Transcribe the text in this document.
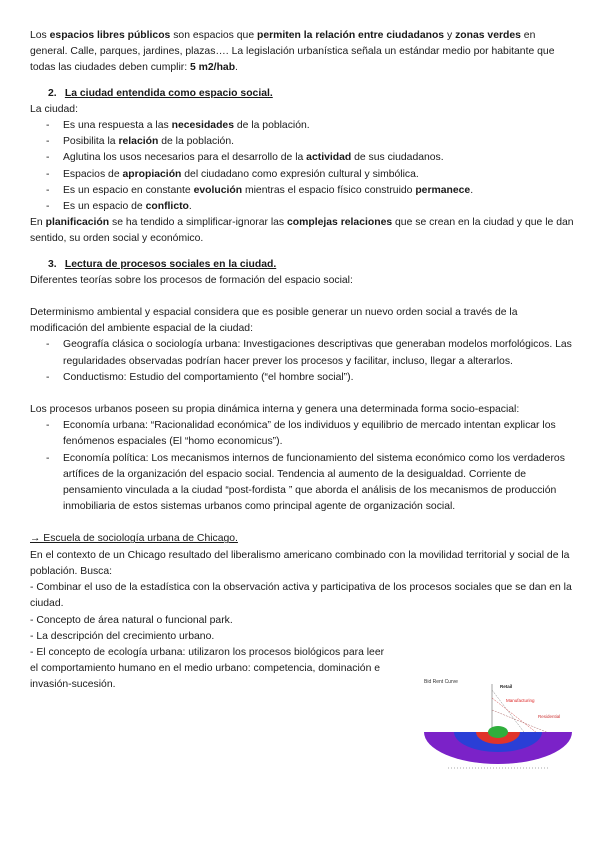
Los espacios libres públicos son espacios que permiten la relación entre ciudadanos y zonas verdes en general. Calle, parques, jardines, plazas…. La legislación urbanística señala un estándar medio por habitante que todas las ciudades deben cumplir: 5 m2/hab.

2. La ciudad entendida como espacio social.

La ciudad:

- Es una respuesta a las necesidades de la población.
- Posibilita la relación de la población.
- Aglutina los usos necesarios para el desarrollo de la actividad de sus ciudadanos.
- Espacios de apropiación del ciudadano como expresión cultural y simbólica.
- Es un espacio en constante evolución mientras el espacio físico construido permanece.
- Es un espacio de conflicto.

En planificación se ha tendido a simplificar-ignorar las complejas relaciones que se crean en la ciudad y que le dan sentido, su orden social y económico.

3. Lectura de procesos sociales en la ciudad.

Diferentes teorías sobre los procesos de formación del espacio social:

Determinismo ambiental y espacial considera que es posible generar un nuevo orden social a través de la modificación del ambiente espacial de la ciudad:

- Geografía clásica o sociología urbana: Investigaciones descriptivas que generaban modelos morfológicos. Las regularidades observadas podrían hacer prever los procesos y facilitar, incluso, llegar a alterarlos.
- Conductismo: Estudio del comportamiento (“el hombre social”).

Los procesos urbanos poseen su propia dinámica interna y genera una determinada forma socio-espacial:

- Economía urbana: “Racionalidad económica” de los individuos y equilibrio de mercado intentan explicar los fenómenos espaciales (El “homo economicus”).
- Economía política: Los mecanismos internos de funcionamiento del sistema económico como los verdaderos artífices de la organización del espacio social. Tendencia al aumento de la desigualdad. Corriente de pensamiento vinculada a la ciudad “post-fordista ” que aborda el análisis de los mecanismos de producción inmobiliaria de estos sistemas urbanos como principal agente de organización social.

→ Escuela de sociología urbana de Chicago.

En el contexto de un Chicago resultado del liberalismo americano combinado con la movilidad territorial y social de la población. Busca:

- Combinar el uso de la estadística con la observación activa y participativa de los procesos sociales que se dan en la ciudad.

- Concepto de área natural o funcional park.

- La descripción del crecimiento urbano.

- El concepto de ecología urbana: utilizaron los procesos biológicos para leer el comportamiento humano en el medio urbano: competencia, dominación e invasión-sucesión.	Bid Rent Curve
Retail
Manufacturing
Residential
